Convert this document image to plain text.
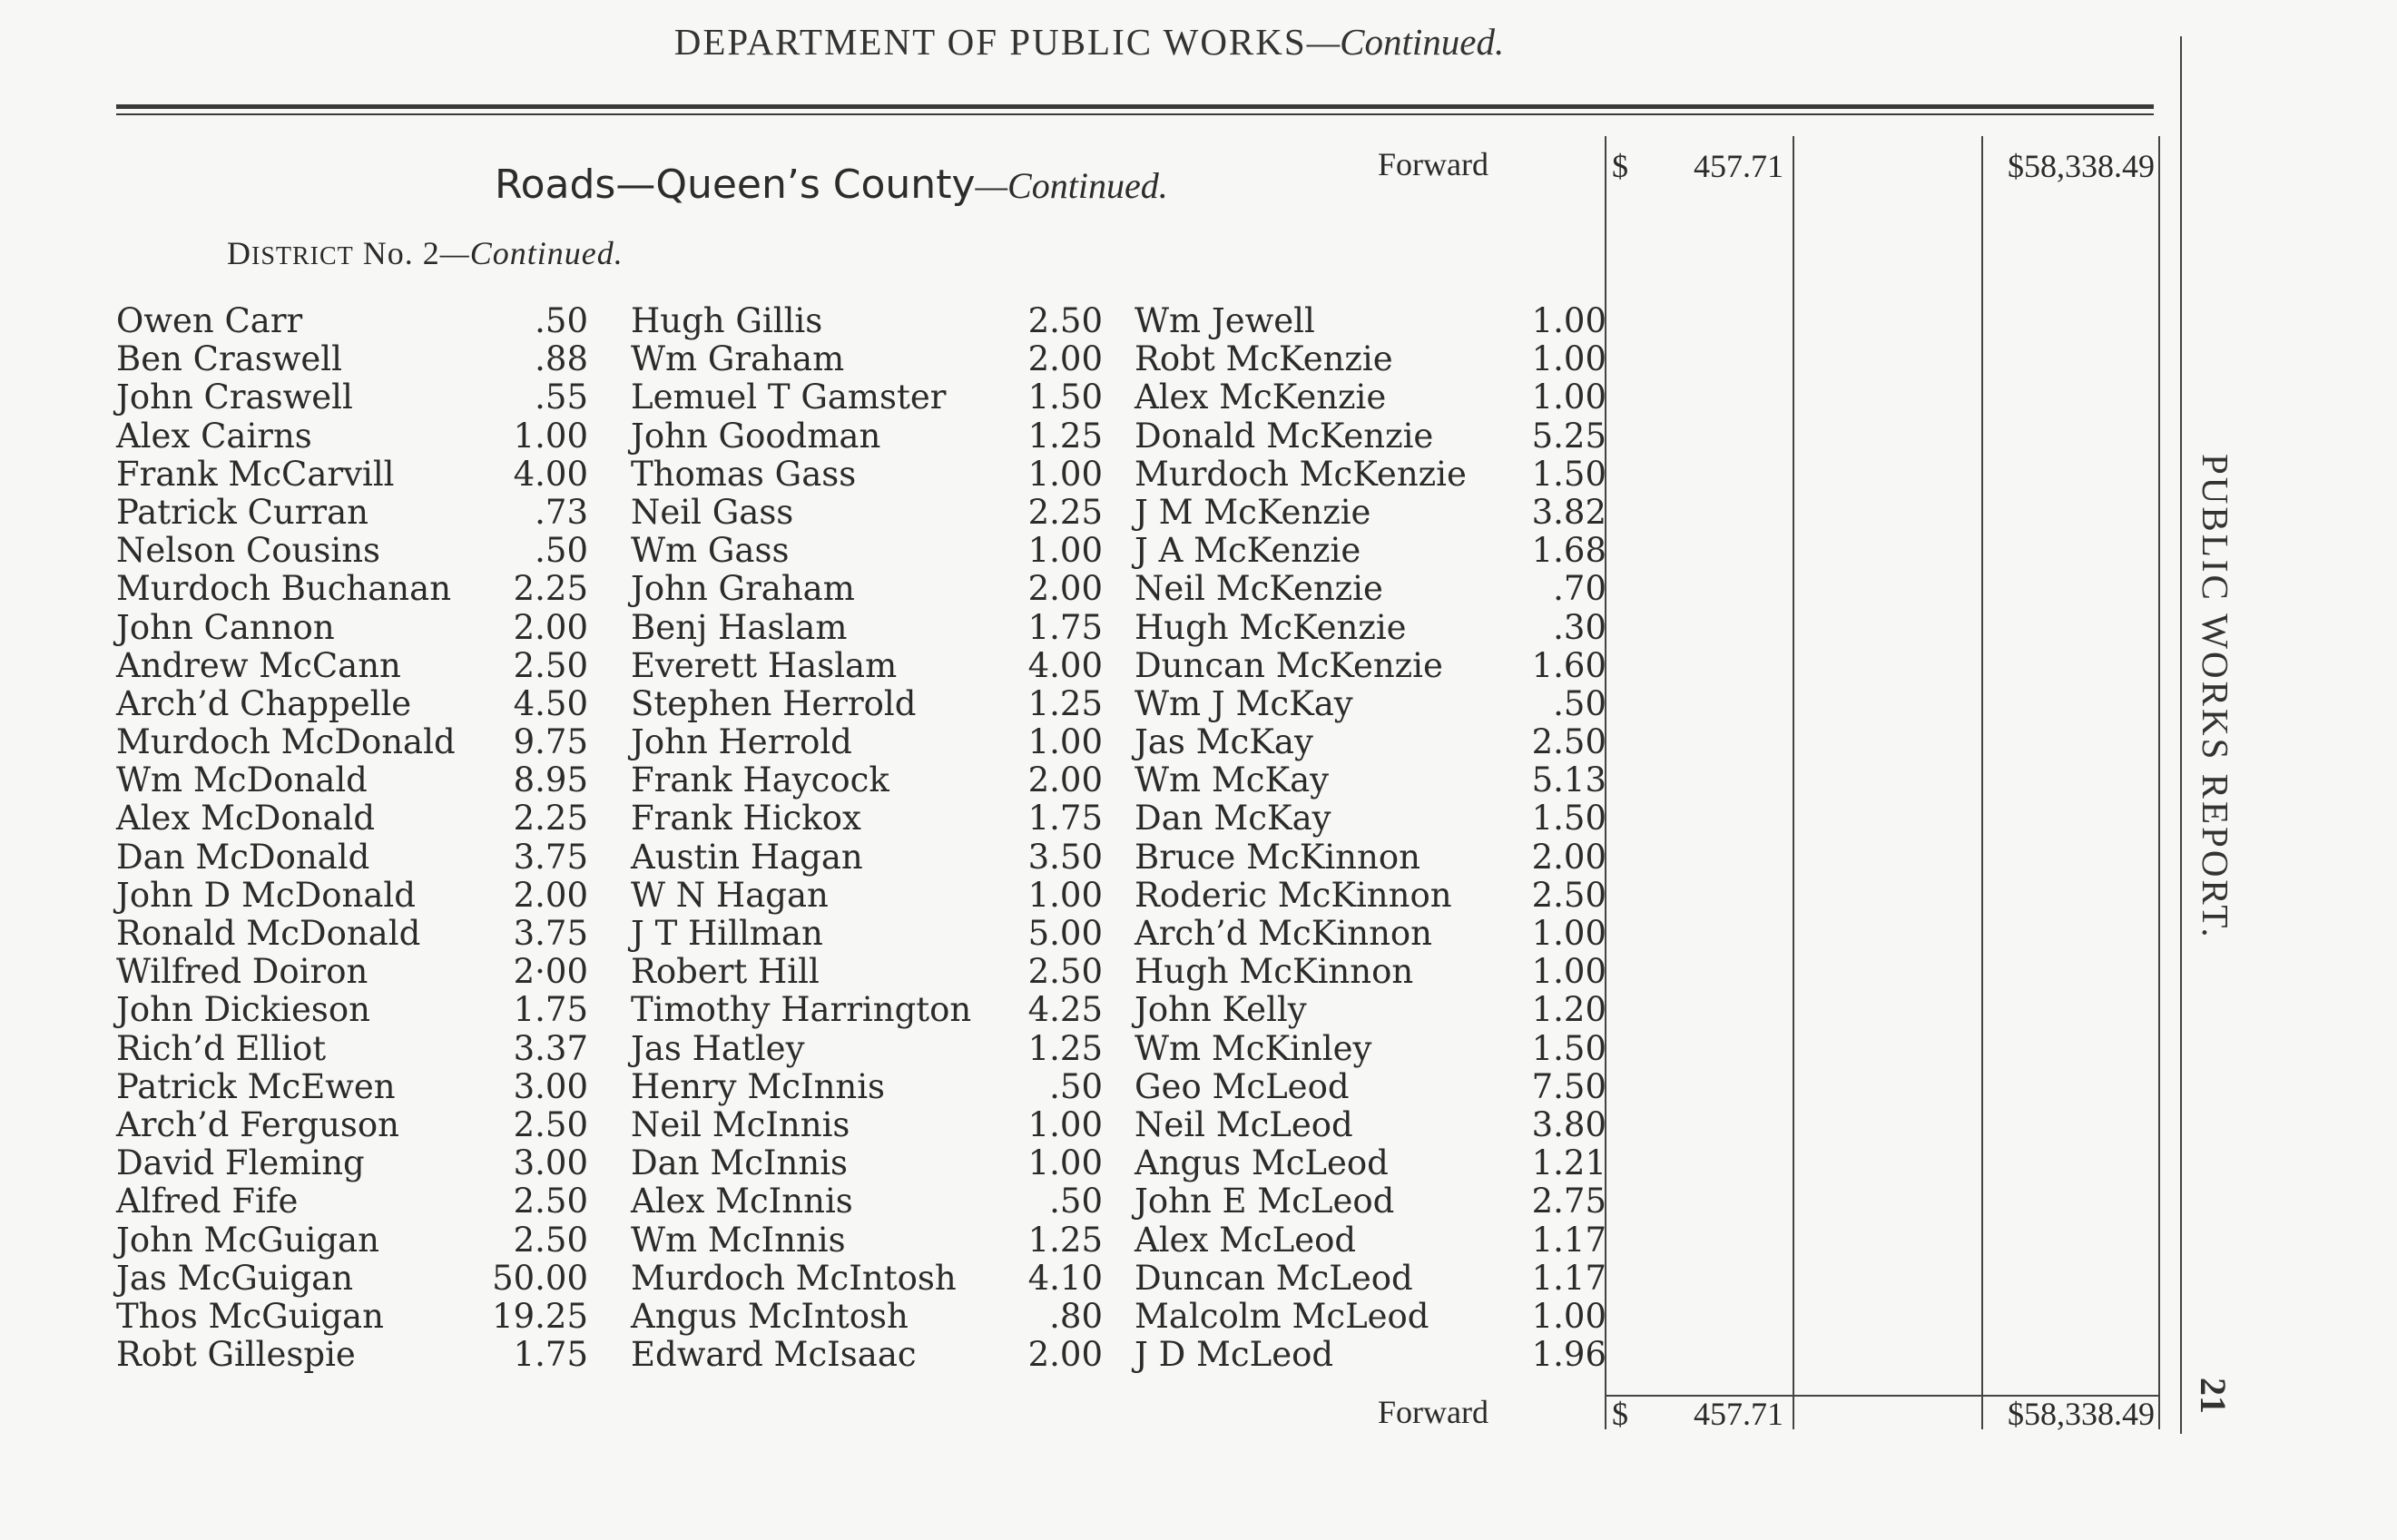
DEPARTMENT OF PUBLIC WORKS—Continued.
Roads—Queen’s County—Continued.
DISTRICT No. 2—Continued.
Forward	$	457.71	$58,338.49
Owen Carr	.50
Ben Craswell	.88
John Craswell	.55
Alex Cairns	1.00
Frank McCarvill	4.00
Patrick Curran	.73
Nelson Cousins	.50
Murdoch Buchanan 2.25
John Cannon	2.00
Andrew McCann	2.50
Arch’d Chappelle	4.50
Murdoch McDonald 9.75
Wm McDonald	8.95
Alex McDonald	2.25
Dan McDonald	3.75
John D McDonald	2.00
Ronald McDonald	3.75
Wilfred Doiron	2·00
John Dickieson	1.75
Rich’d Elliot	3.37
Patrick McEwen	3.00
Arch’d Ferguson	2.50
David Fleming	3.00
Alfred Fife	2.50
John McGuigan	2.50
Jas McGuigan	50.00
Thos McGuigan	19.25
Robt Gillespie	1.75
Hugh Gillis	2.50
Wm Graham	2.00
Lemuel T Gamster 1.50
John Goodman	1.25
Thomas Gass	1.00
Neil Gass	2.25
Wm Gass	1.00
John Graham	2.00
Benj Haslam	1.75
Everett Haslam	4.00
Stephen Herrold	1.25
John Herrold	1.00
Frank Haycock	2.00
Frank Hickox	1.75
Austin Hagan	3.50
W N Hagan	1.00
J T Hillman	5.00
Robert Hill	2.50
Timothy Harrington 4.25
Jas Hatley	1.25
Henry McInnis	.50
Neil McInnis	1.00
Dan McInnis	1.00
Alex McInnis	.50
Wm McInnis	1.25
Murdoch McIntosh 4.10
Angus McIntosh	.80
Edward McIsaac	2.00
Wm Jewell	1.00
Robt McKenzie	1.00
Alex McKenzie	1.00
Donald McKenzie	5.25
Murdoch McKenzie 1.50
J M McKenzie	3.82
J A McKenzie	1.68
Neil McKenzie	.70
Hugh McKenzie	.30
Duncan McKenzie	1.60
Wm J McKay	.50
Jas McKay	2.50
Wm McKay	5.13
Dan McKay	1.50
Bruce McKinnon	2.00
Roderic McKinnon 2.50
Arch’d McKinnon	1.00
Hugh McKinnon	1.00
John Kelly	1.20
Wm McKinley	1.50
Geo McLeod	7.50
Neil McLeod	3.80
Angus McLeod	1.21
John E McLeod	2.75
Alex McLeod	1.17
Duncan McLeod	1.17
Malcolm McLeod	1.00
J D McLeod	1.96
Forward	$	457.71	$58,338.49
PUBLIC WORKS REPORT.
21
